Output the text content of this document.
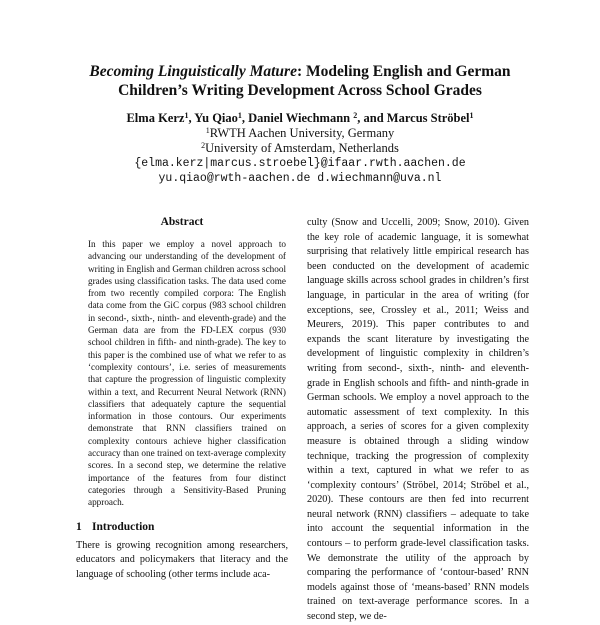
Becoming Linguistically Mature: Modeling English and German
Children’s Writing Development Across School Grades
Elma Kerz$^1$, Yu Qiao$^1$, Daniel Wiechmann $^2$, and Marcus Ströbel$^1$
$^1$RWTH Aachen University, Germany
$^2$University of Amsterdam, Netherlands
{elma.kerz|marcus.stroebel}@ifaar.rwth.aachen.de
yu.qiao@rwth-aachen.de d.wiechmann@uva.nl
Abstract

In this paper we employ a novel approach to advancing our understanding of the development of writing in English and German children across school grades using classification tasks. The data used come from two recently compiled corpora: The English data come from the GiC corpus (983 school children in second-, sixth-, ninth- and eleventh-grade) and the German data are from the FD-LEX corpus (930 school children in fifth- and ninth-grade). The key to this paper is the combined use of what we refer to as ‘complexity contours’, i.e. series of measurements that capture the progression of linguistic complexity within a text, and Recurrent Neural Network (RNN) classifiers that adequately capture the sequential information in those contours. Our experiments demonstrate that RNN classifiers trained on complexity contours achieve higher classification accuracy than one trained on text-average complexity scores. In a second step, we determine the relative importance of the features from four distinct categories through a Sensitivity-Based Pruning approach.

1 Introduction

There is growing recognition among researchers, educators and policymakers that literacy and the language of schooling (other terms include aca-

culty (Snow and Uccelli, 2009; Snow, 2010). Given the key role of academic language, it is somewhat surprising that relatively little empirical research has been conducted on the development of academic language skills across school grades in children’s first language, in particular in the area of writing (for exceptions, see, Crossley et al., 2011; Weiss and Meurers, 2019). This paper contributes to and expands the scant literature by investigating the development of linguistic complexity in children’s writing from second-, sixth-, ninth- and eleventh-grade in English schools and fifth- and ninth-grade in German schools. We employ a novel approach to the automatic assessment of text complexity. In this approach, a series of scores for a given complexity measure is obtained through a sliding window technique, tracking the progression of complexity within a text, captured in what we refer to as ‘complexity contours’ (Ströbel, 2014; Ströbel et al., 2020). These contours are then fed into recurrent neural network (RNN) classifiers – adequate to take into account the sequential information in the contours – to perform grade-level classification tasks. We demonstrate the utility of the approach by comparing the performance of ‘contour-based’ RNN models against those of ‘means-based’ RNN models trained on text-average performance scores. In a second step, we de-
